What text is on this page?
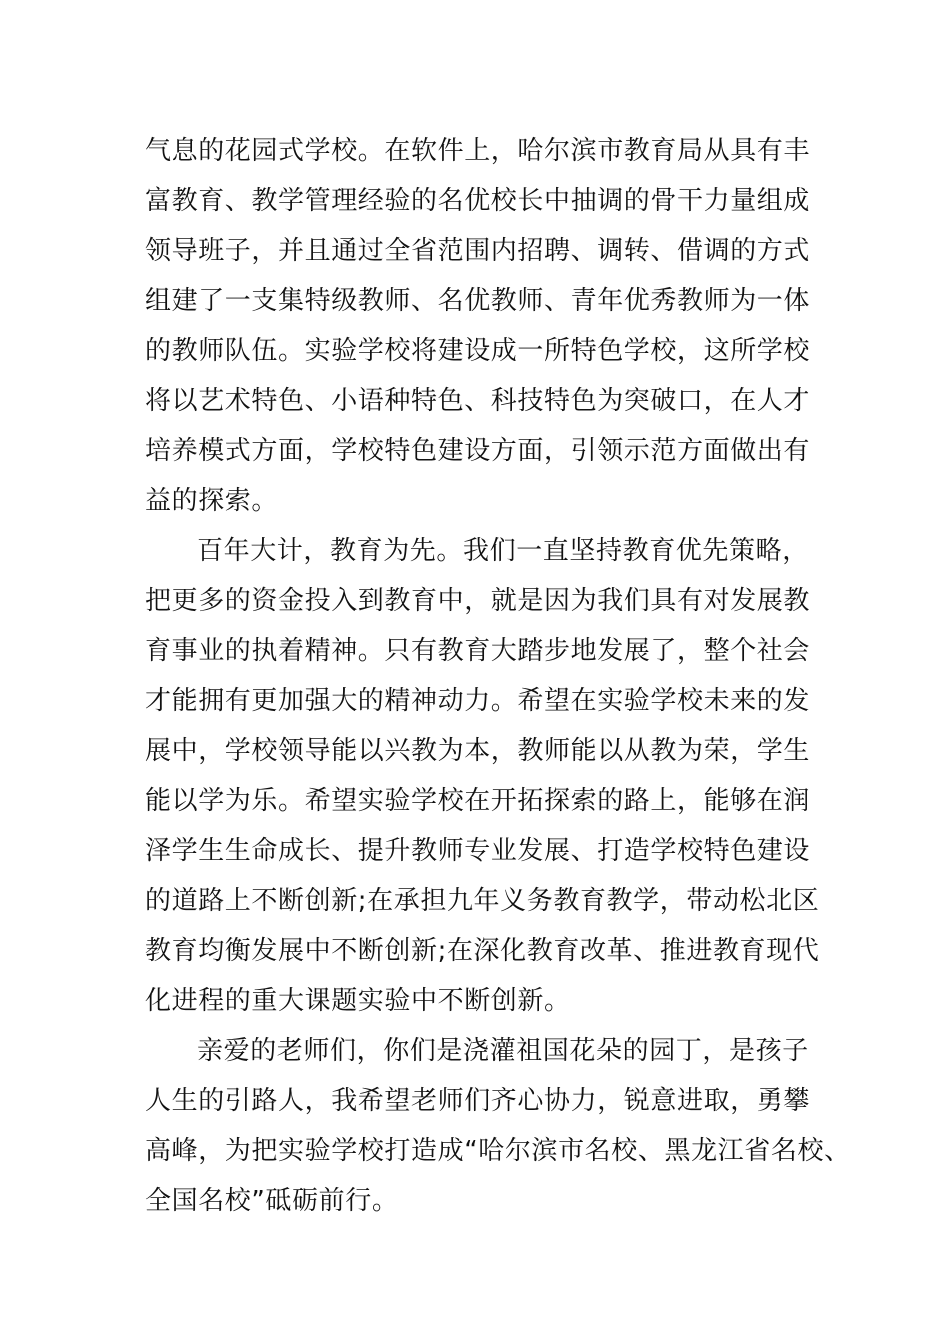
气息的花园式学校。在软件上，哈尔滨市教育局从具有丰
富教育、教学管理经验的名优校长中抽调的骨干力量组成
领导班子，并且通过全省范围内招聘、调转、借调的方式
组建了一支集特级教师、名优教师、青年优秀教师为一体
的教师队伍。实验学校将建设成一所特色学校，这所学校
将以艺术特色、小语种特色、科技特色为突破口，在人才
培养模式方面，学校特色建设方面，引领示范方面做出有
益的探索。
百年大计，教育为先。我们一直坚持教育优先策略，
把更多的资金投入到教育中，就是因为我们具有对发展教
育事业的执着精神。只有教育大踏步地发展了，整个社会
才能拥有更加强大的精神动力。希望在实验学校未来的发
展中，学校领导能以兴教为本，教师能以从教为荣，学生
能以学为乐。希望实验学校在开拓探索的路上，能够在润
泽学生生命成长、提升教师专业发展、打造学校特色建设
的道路上不断创新;在承担九年义务教育教学，带动松北区
教育均衡发展中不断创新;在深化教育改革、推进教育现代
化进程的重大课题实验中不断创新。
亲爱的老师们，你们是浇灌祖国花朵的园丁，是孩子
人生的引路人，我希望老师们齐心协力，锐意进取，勇攀
高峰，为把实验学校打造成“哈尔滨市名校、黑龙江省名校、
全国名校”砥砺前行。
